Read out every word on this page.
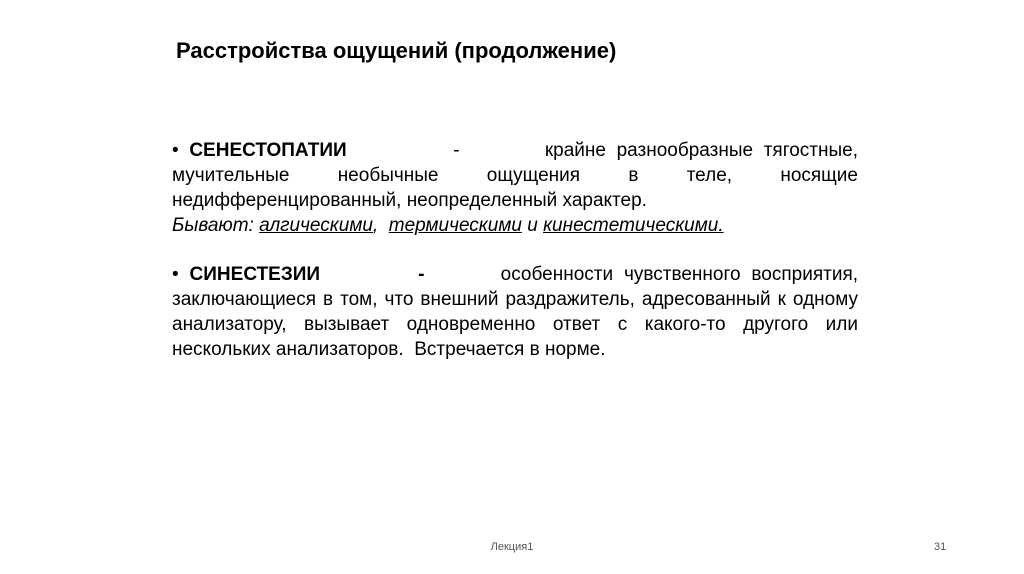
Расстройства ощущений (продолжение)

• СЕНЕСТОПАТИИ	-	крайне разнообразные тягостные, мучительные необычные ощущения в теле, носящие недифференцированный, неопределенный характер.

Бывают: алгическими, термическими и кинестетическими.

• СИНЕСТЕЗИИ	-	особенности чувственного восприятия, заключающиеся в том, что внешний раздражитель, адресованный к одному анализатору, вызывает одновременно ответ с какого-то другого или нескольких анализаторов. Встречается в норме.

Лекция1	31
